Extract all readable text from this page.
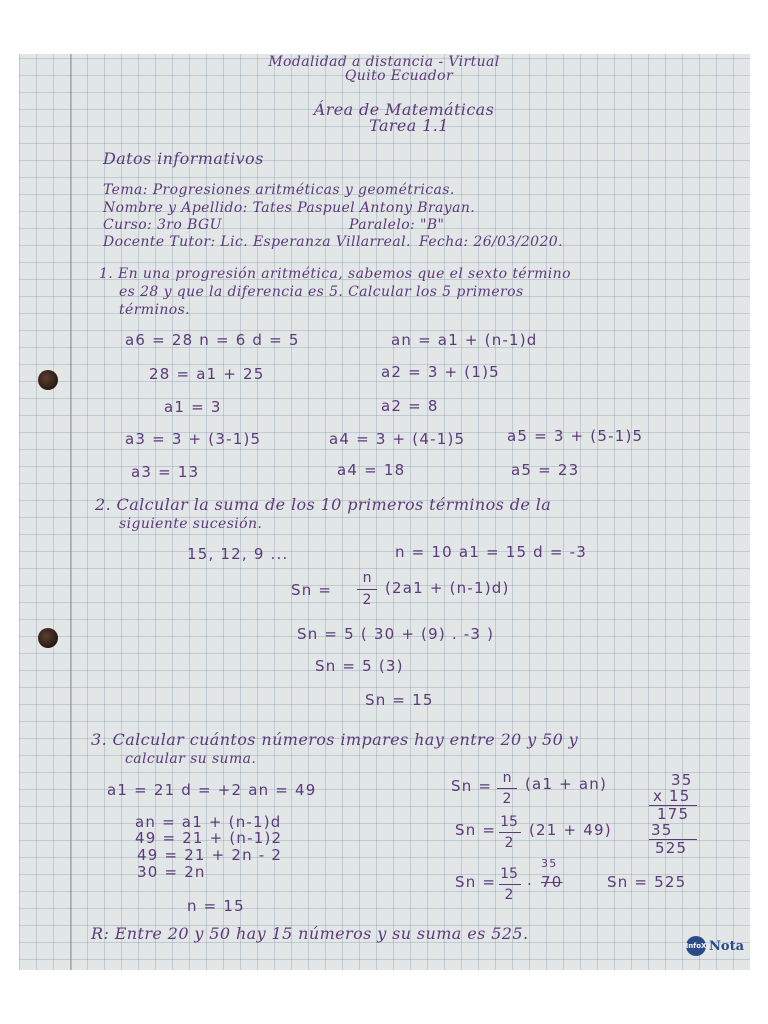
Modalidad a distancia - Virtual
Quito Ecuador
Área de Matemáticas
Tarea 1.1
Datos informativos
Tema: Progresiones aritméticas y geométricas.
Nombre y Apellido: Tates Paspuel Antony Brayan.
Curso: 3ro BGU	Paralelo: "B"
Docente Tutor: Lic. Esperanza Villarreal. Fecha: 26/03/2020.
1. En una progresión aritmética, sabemos que el sexto término
es 28 y que la diferencia es 5. Calcular los 5 primeros
términos.
a6 = 28 n = 6 d = 5	an = a1 + (n-1)d
28 = a1 + 25	a2 = 3 + (1)5
a1 = 3	a2 = 8
a3 = 3 + (3-1)5	a4 = 3 + (4-1)5	a5 = 3 + (5-1)5
a3 = 13	a4 = 18	a5 = 23
2. Calcular la suma de los 10 primeros términos de la
siguiente sucesión.
15, 12, 9 ...	n = 10 a1 = 15 d = -3
Sn =
n
2
(2a1 + (n-1)d)
Sn = 5 ( 30 + (9) . -3 )
Sn = 5 (3)
Sn = 15
3. Calcular cuántos números impares hay entre 20 y 50 y
calcular su suma.
a1 = 21 d = +2 an = 49
an = a1 + (n-1)d
49 = 21 + (n-1)2
49 = 21 + 2n - 2
30 = 2n
n = 15
Sn = n
2
(a1 + an)
Sn = 15
2
(21 + 49)
Sn = 15
2
. 70
35
Sn = 525
35
x 15
175
35
525
R: Entre 20 y 50 hay 15 números y su suma es 525.
InfoX Nota
